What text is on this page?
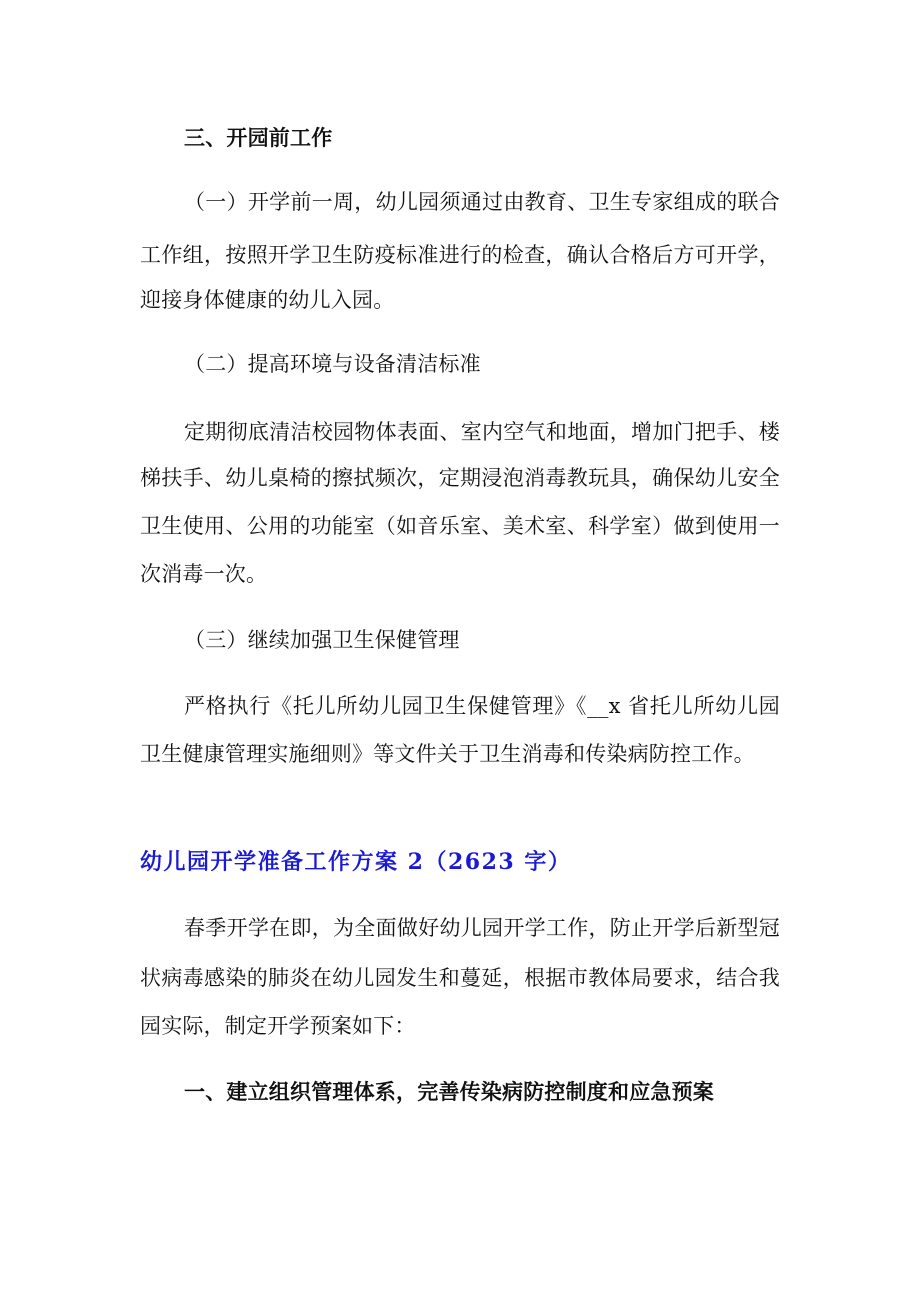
三、开园前工作
（一）开学前一周，幼儿园须通过由教育、卫生专家组成的联合
工作组，按照开学卫生防疫标准进行的检查，确认合格后方可开学，
迎接身体健康的幼儿入园。
（二）提高环境与设备清洁标准
定期彻底清洁校园物体表面、室内空气和地面，增加门把手、楼
梯扶手、幼儿桌椅的擦拭频次，定期浸泡消毒教玩具，确保幼儿安全
卫生使用、公用的功能室（如音乐室、美术室、科学室）做到使用一
次消毒一次。
（三）继续加强卫生保健管理
严格执行《托儿所幼儿园卫生保健管理》《__x 省托儿所幼儿园
卫生健康管理实施细则》等文件关于卫生消毒和传染病防控工作。
幼儿园开学准备工作方案 2（2623 字）
春季开学在即，为全面做好幼儿园开学工作，防止开学后新型冠
状病毒感染的肺炎在幼儿园发生和蔓延，根据市教体局要求，结合我
园实际，制定开学预案如下：
一、建立组织管理体系，完善传染病防控制度和应急预案
